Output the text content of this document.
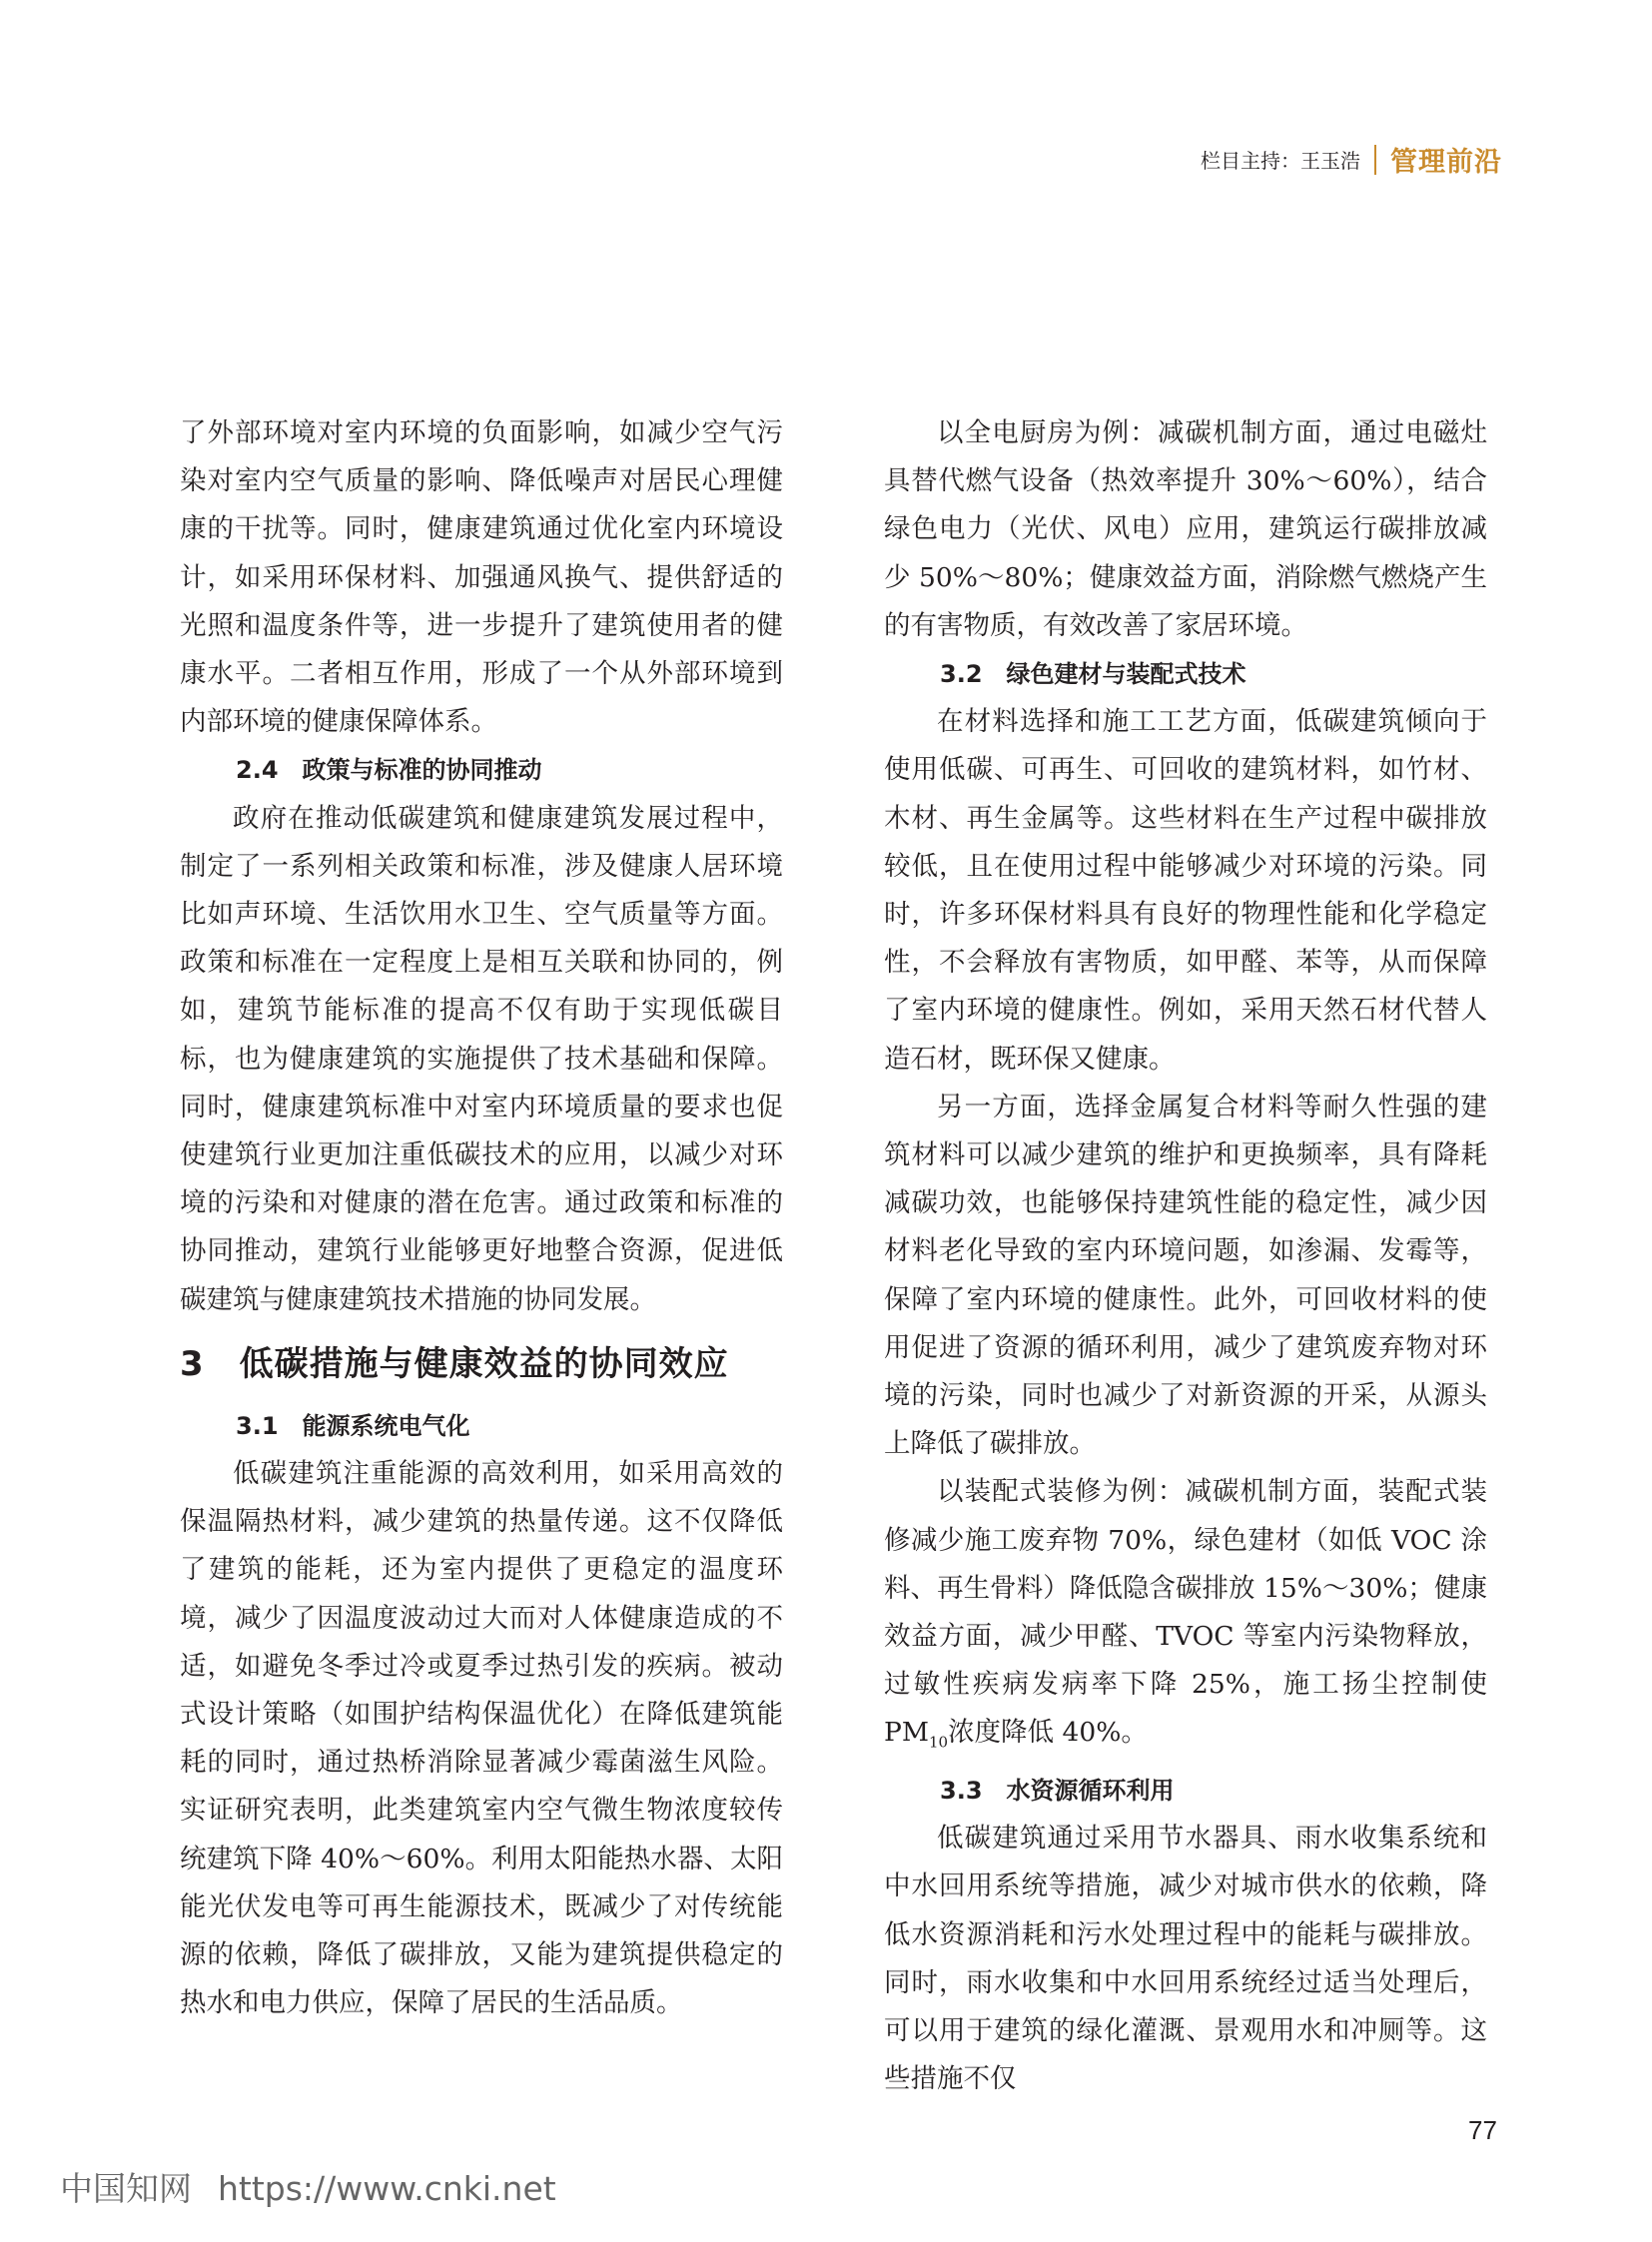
栏目主持：王玉浩 管理前沿

了外部环境对室内环境的负面影响，如减少空气污染对室内空气质量的影响、降低噪声对居民心理健康的干扰等。同时，健康建筑通过优化室内环境设计，如采用环保材料、加强通风换气、提供舒适的光照和温度条件等，进一步提升了建筑使用者的健康水平。二者相互作用，形成了一个从外部环境到内部环境的健康保障体系。

2.4　政策与标准的协同推动

政府在推动低碳建筑和健康建筑发展过程中，制定了一系列相关政策和标准，涉及健康人居环境比如声环境、生活饮用水卫生、空气质量等方面。政策和标准在一定程度上是相互关联和协同的，例如，建筑节能标准的提高不仅有助于实现低碳目标，也为健康建筑的实施提供了技术基础和保障。同时，健康建筑标准中对室内环境质量的要求也促使建筑行业更加注重低碳技术的应用，以减少对环境的污染和对健康的潜在危害。通过政策和标准的协同推动，建筑行业能够更好地整合资源，促进低碳建筑与健康建筑技术措施的协同发展。

3　低碳措施与健康效益的协同效应
3.1　能源系统电气化

低碳建筑注重能源的高效利用，如采用高效的保温隔热材料，减少建筑的热量传递。这不仅降低了建筑的能耗，还为室内提供了更稳定的温度环境，减少了因温度波动过大而对人体健康造成的不适，如避免冬季过冷或夏季过热引发的疾病。被动式设计策略（如围护结构保温优化）在降低建筑能耗的同时，通过热桥消除显著减少霉菌滋生风险。实证研究表明，此类建筑室内空气微生物浓度较传统建筑下降 40%～60%。利用太阳能热水器、太阳能光伏发电等可再生能源技术，既减少了对传统能源的依赖，降低了碳排放，又能为建筑提供稳定的热水和电力供应，保障了居民的生活品质。

以全电厨房为例：减碳机制方面，通过电磁灶具替代燃气设备（热效率提升 30%～60%），结合绿色电力（光伏、风电）应用，建筑运行碳排放减少 50%～80%；健康效益方面，消除燃气燃烧产生的有害物质，有效改善了家居环境。

3.2　绿色建材与装配式技术

在材料选择和施工工艺方面，低碳建筑倾向于使用低碳、可再生、可回收的建筑材料，如竹材、木材、再生金属等。这些材料在生产过程中碳排放较低，且在使用过程中能够减少对环境的污染。同时，许多环保材料具有良好的物理性能和化学稳定性，不会释放有害物质，如甲醛、苯等，从而保障了室内环境的健康性。例如，采用天然石材代替人造石材，既环保又健康。

另一方面，选择金属复合材料等耐久性强的建筑材料可以减少建筑的维护和更换频率，具有降耗减碳功效，也能够保持建筑性能的稳定性，减少因材料老化导致的室内环境问题，如渗漏、发霉等，保障了室内环境的健康性。此外，可回收材料的使用促进了资源的循环利用，减少了建筑废弃物对环境的污染，同时也减少了对新资源的开采，从源头上降低了碳排放。

以装配式装修为例：减碳机制方面，装配式装修减少施工废弃物 70%，绿色建材（如低 VOC 涂料、再生骨料）降低隐含碳排放 15%～30%；健康效益方面，减少甲醛、TVOC 等室内污染物释放，过敏性疾病发病率下降 25%，施工扬尘控制使 $PM_{10}$浓度降低 40%。

3.3　水资源循环利用

低碳建筑通过采用节水器具、雨水收集系统和中水回用系统等措施，减少对城市供水的依赖，降低水资源消耗和污水处理过程中的能耗与碳排放。同时，雨水收集和中水回用系统经过适当处理后，可以用于建筑的绿化灌溉、景观用水和冲厕等。这些措施不仅

77
中国知网 https://www.cnki.net
